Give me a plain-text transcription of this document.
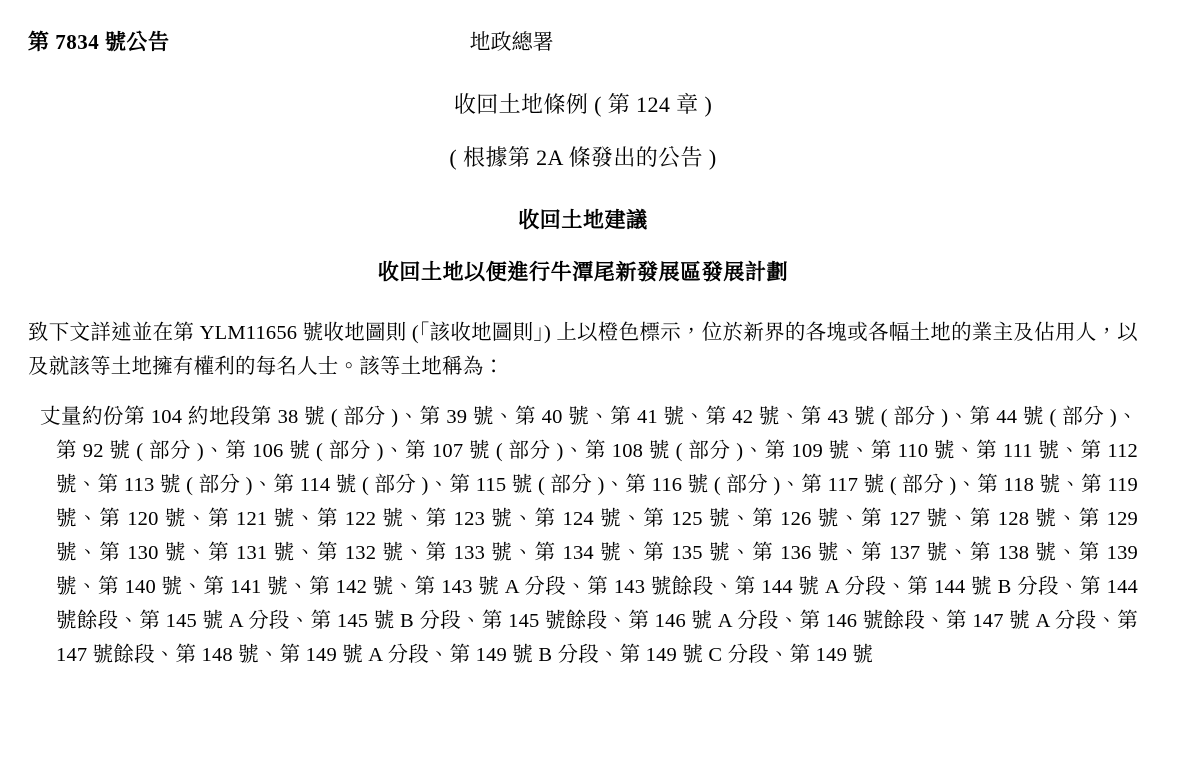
第 7834 號公告	地政總署
收回土地條例 ( 第 124 章 )
( 根據第 2A 條發出的公告 )
收回土地建議
收回土地以便進行牛潭尾新發展區發展計劃
致下文詳述並在第 YLM11656 號收地圖則 (「該收地圖則」) 上以橙色標示，位於新界的各塊或各幅土地的業主及佔用人，以及就該等土地擁有權利的每名人士。該等土地稱為：
丈量約份第 104 約地段第 38 號 ( 部分 )、第 39 號、第 40 號、第 41 號、第 42 號、第 43 號 ( 部分 )、第 44 號 ( 部分 )、第 92 號 ( 部分 )、第 106 號 ( 部分 )、第 107 號 ( 部分 )、第 108 號 ( 部分 )、第 109 號、第 110 號、第 111 號、第 112 號、第 113 號 ( 部分 )、第 114 號 ( 部分 )、第 115 號 ( 部分 )、第 116 號 ( 部分 )、第 117 號 ( 部分 )、第 118 號、第 119 號、第 120 號、第 121 號、第 122 號、第 123 號、第 124 號、第 125 號、第 126 號、第 127 號、第 128 號、第 129 號、第 130 號、第 131 號、第 132 號、第 133 號、第 134 號、第 135 號、第 136 號、第 137 號、第 138 號、第 139 號、第 140 號、第 141 號、第 142 號、第 143 號 A 分段、第 143 號餘段、第 144 號 A 分段、第 144 號 B 分段、第 144 號餘段、第 145 號 A 分段、第 145 號 B 分段、第 145 號餘段、第 146 號 A 分段、第 146 號餘段、第 147 號 A 分段、第 147 號餘段、第 148 號、第 149 號 A 分段、第 149 號 B 分段、第 149 號 C 分段、第 149 號
